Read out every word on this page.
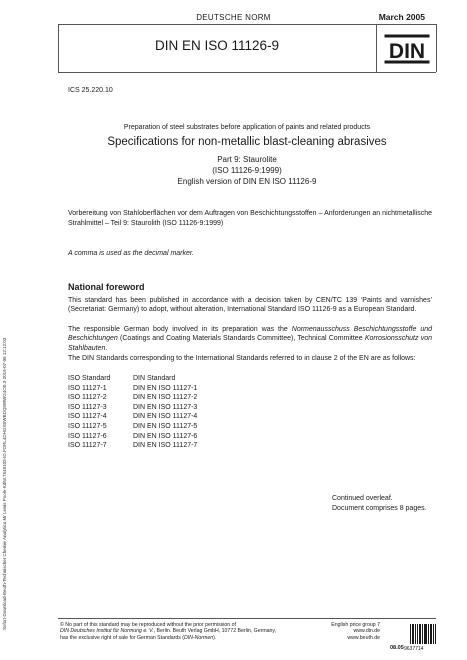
DEUTSCHE NORM	March 2005
DIN EN ISO 11126-9	DIN
ICS 25.220.10
Preparation of steel substrates before application of paints and related products
Specifications for non-metallic blast-cleaning abrasives
Part 9: Staurolite
(ISO 11126-9:1999)
English version of DIN EN ISO 11126-9
Vorbereitung von Stahloberflächen vor dem Auftragen von Beschichtungsstoffen – Anforderungen an nichtmetallische Strahlmittel – Teil 9: Staurolith (ISO 11126-9:1999)
A comma is used as the decimal marker.
National foreword
This standard has been published in accordance with a decision taken by CEN/TC 139 ‘Paints and varnishes’ (Secretariat: Germany) to adopt, without alteration, International Standard ISO 11126-9 as a European Standard.
The responsible German body involved in its preparation was the Normenausschuss Beschichtungsstoffe und Beschichtungen (Coatings and Coating Materials Standards Committee), Technical Committee Korrosionsschutz von Stahlbauten.
The DIN Standards corresponding to the International Standards referred to in clause 2 of the EN are as follows:
ISO Standard	DIN Standard
ISO 11127-1	DIN EN ISO 11127-1
ISO 11127-2	DIN EN ISO 11127-2
ISO 11127-3	DIN EN ISO 11127-3
ISO 11127-4	DIN EN ISO 11127-4
ISO 11127-5	DIN EN ISO 11127-5
ISO 11127-6	DIN EN ISO 11127-6
ISO 11127-7	DIN EN ISO 11127-7
Continued overleaf.
Document comprises 8 pages.
Sofort-Download-Beuth-Technischer Chemie Analytica Mr Lewis Poole-KdNr.7548103-ID.FORL4DHGXEWBDQ8WWG4O0.3-2019-07-06 12:12:03	© No part of this standard may be reproduced without the prior permission of
DIN Deutsches Institut für Normung e. V., Berlin. Beuth Verlag GmbH, 10772 Berlin, Germany,
has the exclusive right of sale for German Standards (DIN-Normen).
English price group 7
www.din.de
www.beuth.de
08.05 9637714
